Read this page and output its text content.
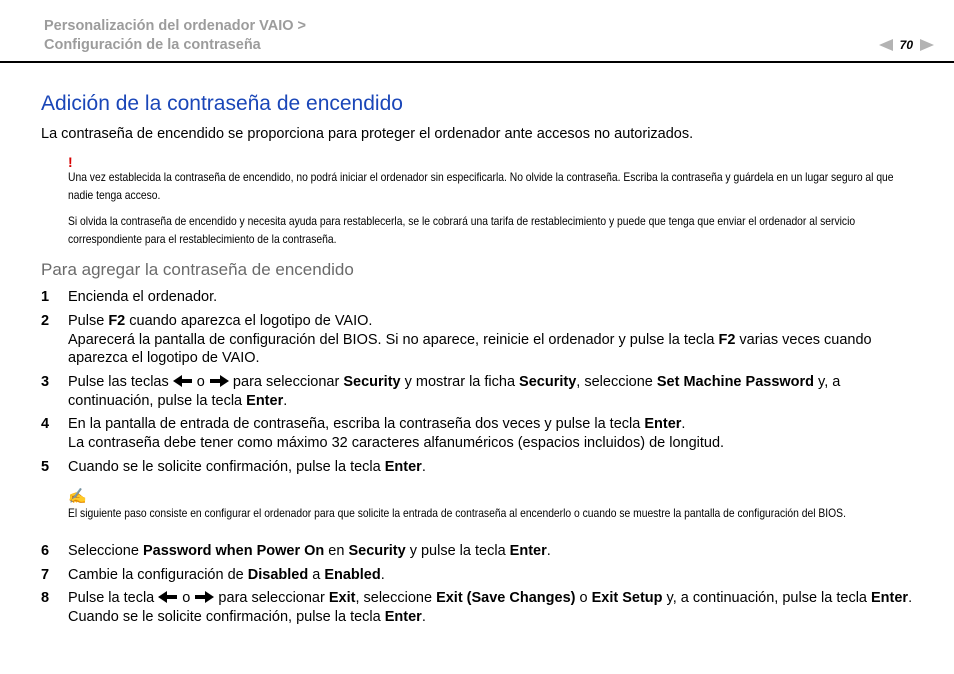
Personalización del ordenador VAIO >
Configuración de la contraseña	70
Adición de la contraseña de encendido
La contraseña de encendido se proporciona para proteger el ordenador ante accesos no autorizados.
!
Una vez establecida la contraseña de encendido, no podrá iniciar el ordenador sin especificarla. No olvide la contraseña. Escriba la contraseña y guárdela en un lugar seguro al que nadie tenga acceso.
Si olvida la contraseña de encendido y necesita ayuda para restablecerla, se le cobrará una tarifa de restablecimiento y puede que tenga que enviar el ordenador al servicio correspondiente para el restablecimiento de la contraseña.
Para agregar la contraseña de encendido
1 Encienda el ordenador.
2 Pulse F2 cuando aparezca el logotipo de VAIO.
Aparecerá la pantalla de configuración del BIOS. Si no aparece, reinicie el ordenador y pulse la tecla F2 varias veces cuando aparezca el logotipo de VAIO.
3 Pulse las teclas
o
para seleccionar Security y mostrar la ficha Security, seleccione Set Machine Password y, a continuación, pulse la tecla Enter.
4 En la pantalla de entrada de contraseña, escriba la contraseña dos veces y pulse la tecla Enter.
La contraseña debe tener como máximo 32 caracteres alfanuméricos (espacios incluidos) de longitud.
5 Cuando se le solicite confirmación, pulse la tecla Enter.
✍
El siguiente paso consiste en configurar el ordenador para que solicite la entrada de contraseña al encenderlo o cuando se muestre la pantalla de configuración del BIOS.
6 Seleccione Password when Power On en Security y pulse la tecla Enter.
7 Cambie la configuración de Disabled a Enabled.
8 Pulse la tecla
o
para seleccionar Exit, seleccione Exit (Save Changes) o Exit Setup y, a continuación, pulse la tecla Enter.
Cuando se le solicite confirmación, pulse la tecla Enter.
